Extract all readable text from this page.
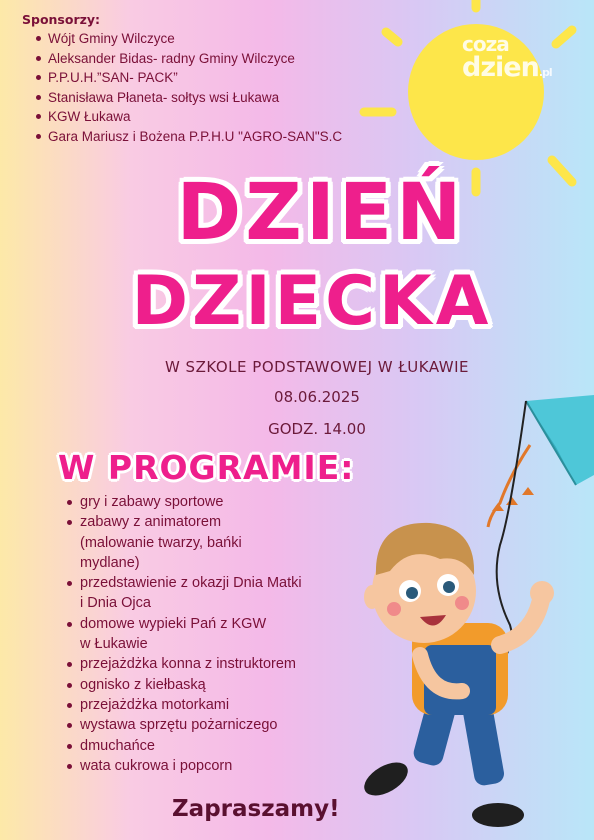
coza
dzien.pl
Sponsorzy:
Wójt Gminy Wilczyce
Aleksander Bidas- radny Gminy Wilczyce
P.P.U.H.”SAN- PACK”
Stanisława Płaneta- sołtys wsi Łukawa
KGW Łukawa
Gara Mariusz i Bożena P.P.H.U "AGRO-SAN"S.C
DZIEŃ
DZIECKA
W SZKOLE PODSTAWOWEJ W ŁUKAWIE
08.06.2025
GODZ. 14.00
W PROGRAMIE:
gry i zabawy sportowe
zabawy z animatorem
(malowanie twarzy, bańki
mydlane)
przedstawienie z okazji Dnia Matki
i Dnia Ojca
domowe wypieki Pań z KGW
w Łukawie
przejażdżka konna z instruktorem
ognisko z kiełbaską
przejażdżka motorkami
wystawa sprzętu pożarniczego
dmuchańce
wata cukrowa i popcorn
Zapraszamy!
